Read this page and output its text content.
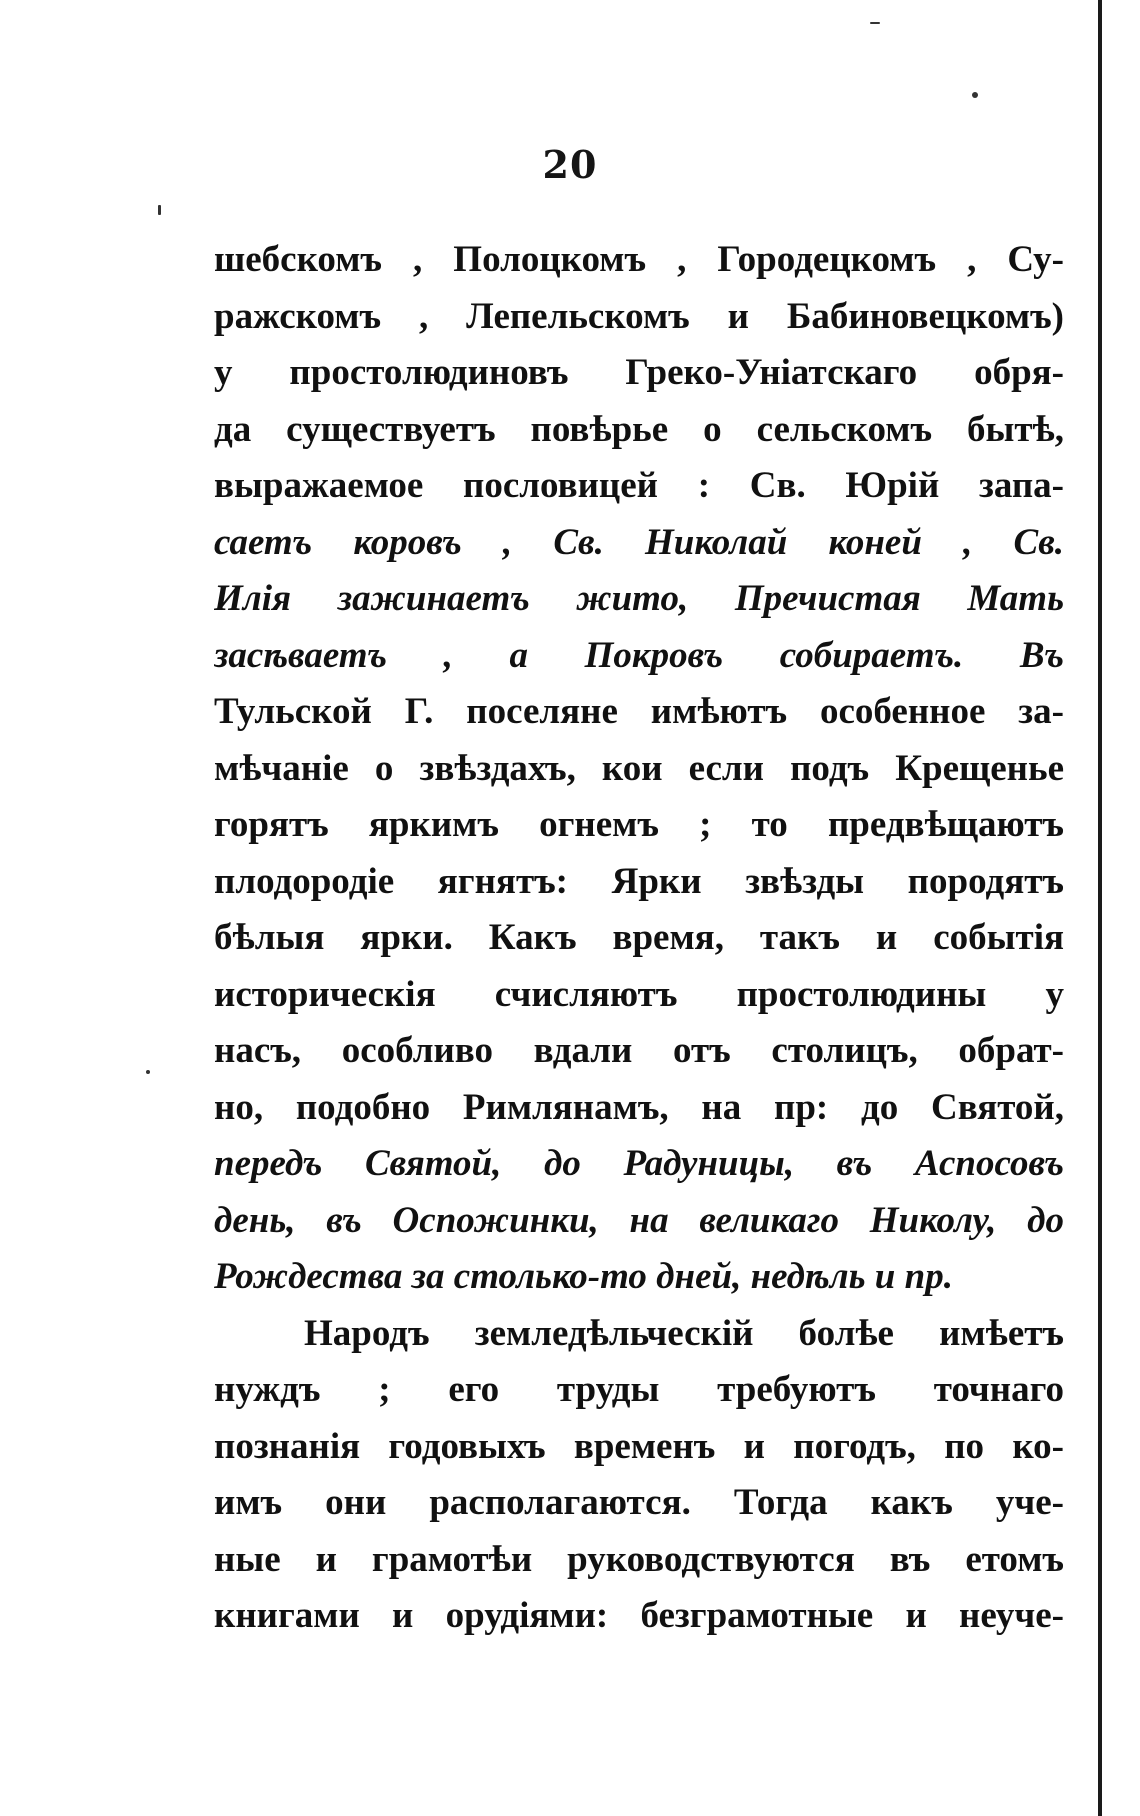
20
шебскомъ , Полоцкомъ , Городецкомъ , Су-
ражскомъ , Лепельскомъ и Бабиновецкомъ)
у простолюдиновъ Греко-Уніатскаго обря-
да существуетъ повѣрье о сельскомъ бытѣ,
выражаемое пословицей : Св. Юрій запа-
саетъ коровъ , Св. Николай коней , Св.
Илія зажинаетъ жито, Пречистая Мать
засѣваетъ , а Покровъ собираетъ. Въ
Тульской Г. поселяне имѣютъ особенное за-
мѣчаніе о звѣздахъ, кои если подъ Крещенье
горятъ яркимъ огнемъ ; то предвѣщаютъ
плодородіе ягнятъ: Ярки звѣзды породятъ
бѣлыя ярки. Какъ время, такъ и событія
историческія счисляютъ простолюдины у
насъ, особливо вдали отъ столицъ, обрат-
но, подобно Римлянамъ, на пр: до Святой,
передъ Святой, до Радуницы, въ Аспосовъ
день, въ Оспожинки, на великаго Николу, до
Рождества за столько-то дней, недѣль и пр.
Народъ земледѣльческій болѣе имѣетъ
нуждъ ; его труды требуютъ точнаго
познанія годовыхъ временъ и погодъ, по ко-
имъ они располагаются. Тогда какъ уче-
ные и грамотѣи руководствуются въ етомъ
книгами и орудіями: безграмотные и неуче-
